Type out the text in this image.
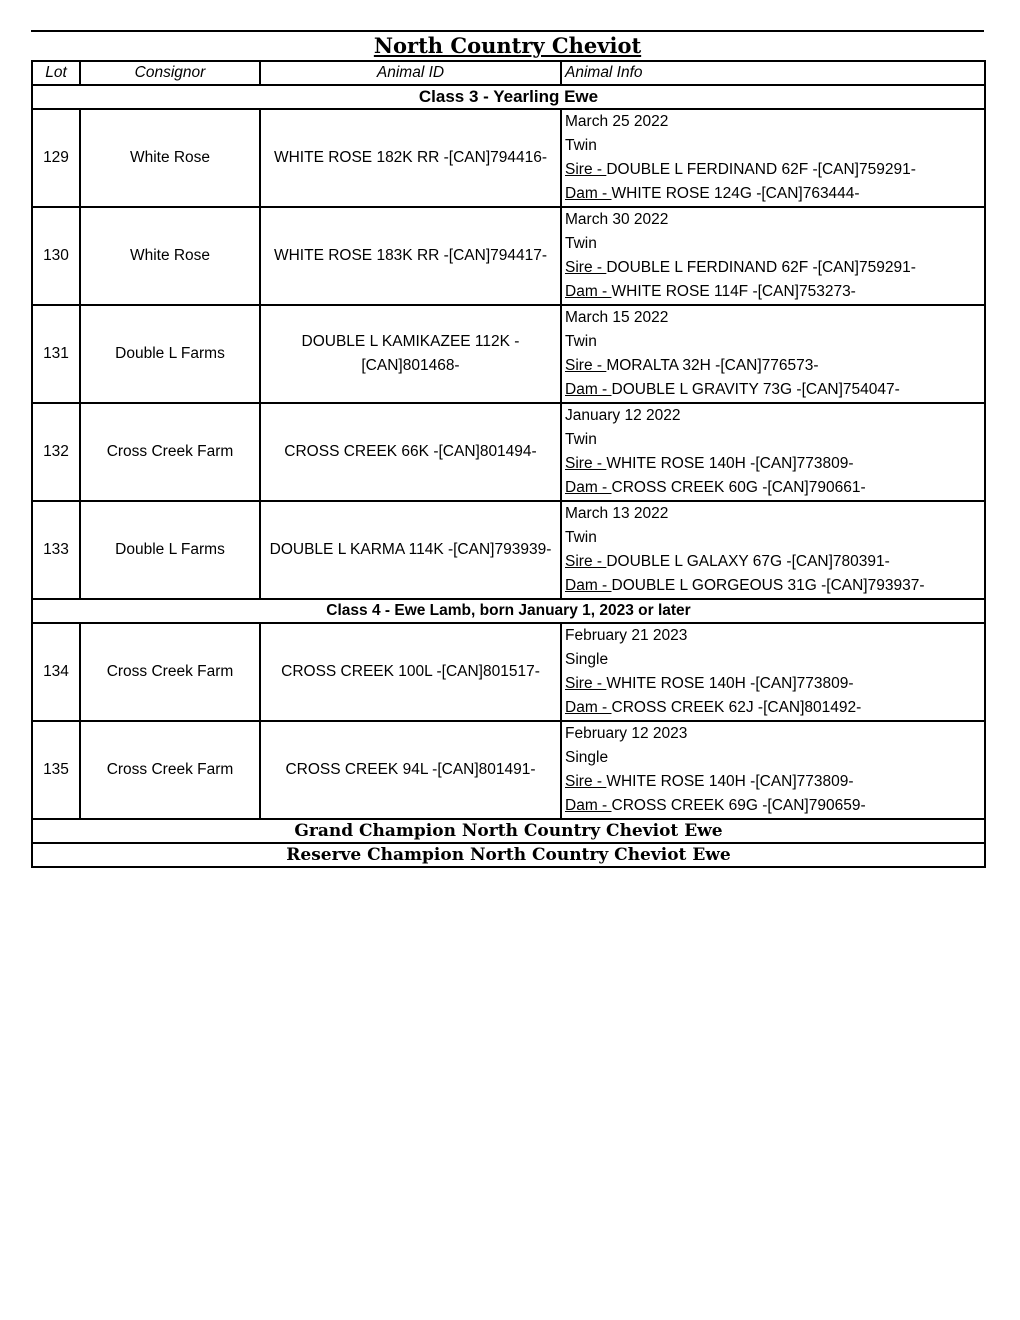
North Country Cheviot
Lot	Consignor	Animal ID	Animal Info
Class 3 - Yearling Ewe			
129	White Rose	WHITE ROSE 182K RR -[CAN]794416-	March 25 2022
Twin
Sire - DOUBLE L FERDINAND 62F -[CAN]759291-
Dam - WHITE ROSE 124G -[CAN]763444-

130	White Rose	WHITE ROSE 183K RR -[CAN]794417-	March 30 2022
Twin
Sire - DOUBLE L FERDINAND 62F -[CAN]759291-
Dam - WHITE ROSE 114F -[CAN]753273-

131	Double L Farms	DOUBLE L KAMIKAZEE 112K -[CAN]801468-	March 15 2022
Twin
Sire - MORALTA 32H -[CAN]776573-
Dam - DOUBLE L GRAVITY 73G -[CAN]754047-

132	Cross Creek Farm	CROSS CREEK 66K -[CAN]801494-	January 12 2022
Twin
Sire - WHITE ROSE 140H -[CAN]773809-
Dam - CROSS CREEK 60G -[CAN]790661-

133	Double L Farms	DOUBLE L KARMA 114K -[CAN]793939-	March 13 2022
Twin
Sire - DOUBLE L GALAXY 67G -[CAN]780391-
Dam - DOUBLE L GORGEOUS 31G -[CAN]793937-

Class 4 - Ewe Lamb, born January 1, 2023 or later			
134	Cross Creek Farm	CROSS CREEK 100L -[CAN]801517-	February 21 2023
Single
Sire - WHITE ROSE 140H -[CAN]773809-
Dam - CROSS CREEK 62J -[CAN]801492-

135	Cross Creek Farm	CROSS CREEK 94L -[CAN]801491-	February 12 2023
Single
Sire - WHITE ROSE 140H -[CAN]773809-
Dam - CROSS CREEK 69G -[CAN]790659-

Grand Champion North Country Cheviot Ewe			
Reserve Champion North Country Cheviot Ewe			
